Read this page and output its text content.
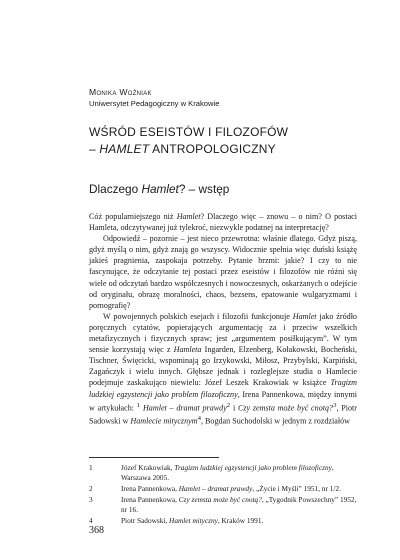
Monika Woźniak
Uniwersytet Pedagogiczny w Krakowie
WŚRÓD ESEISTÓW I FILOZOFÓW
– HAMLET ANTROPOLOGICZNY
Dlaczego Hamlet? – wstęp

Cóż popularniejszego niż Hamlet? Dlaczego więc – znowu – o nim? O postaci Hamleta, odczytywanej już tylekroć, niezwykle podatnej na interpretację?

Odpowiedź – pozornie – jest nieco przewrotna: właśnie dlatego. Gdyż piszą, gdyż myślą o nim, gdyż znają go wszyscy. Widocznie spełnia więc duński książę jakieś pragnienia, zaspokaja potrzeby. Pytanie brzmi: jakie? I czy to nie fascynujące, że odczytanie tej postaci przez eseistów i filozofów nie różni się wiele od odczytań bardzo współczesnych i nowoczesnych, oskarżanych o odejście od oryginału, obrazę moralności, chaos, bezsens, epatowanie wulgaryzmami i pornografię?

W powojennych polskich esejach i filozofii funkcjonuje Hamlet jako źródło poręcznych cytatów, popierających argumentację za i przeciw wszelkich metafizycznych i fizycznych spraw; jest „argumentem posiłkującym”. W tym sensie korzystają więc z Hamleta Ingarden, Elzenberg, Kołakowski, Bocheński, Tischner, Święcicki, wspominają go Irzykowski, Miłosz, Przybylski, Karpiński, Zagańczyk i wielu innych. Głębsze jednak i rozleglejsze studia o Hamlecie podejmuje zaskakująco niewielu: Józef Leszek Krakowiak w książce Tragizm ludzkiej egzystencji jako problem filozoficzny, Irena Pannenkowa, między innymi w artykułach: $^1$ Hamlet – dramat prawdy$^2$ i Czy zemsta może być cnotą?$^3$, Piotr Sadowski w Hamlecie mitycznym$^4$, Bogdan Suchodolski w jednym z rozdziałów

1	Józef Krakowiak, Tragizm ludzkiej egzystencji jako problem filozoficzny, Warszawa 2005.
2	Irena Pannenkowa, Hamlet – dramat prawdy, „Życie i Myśli” 1951, nr 1/2.
3	Irena Pannenkowa, Czy zemsta może być cnotą?, „Tygodnik Powszechny” 1952, nr 16.
4	Piotr Sadowski, Hamlet mityczny, Kraków 1991.
368
